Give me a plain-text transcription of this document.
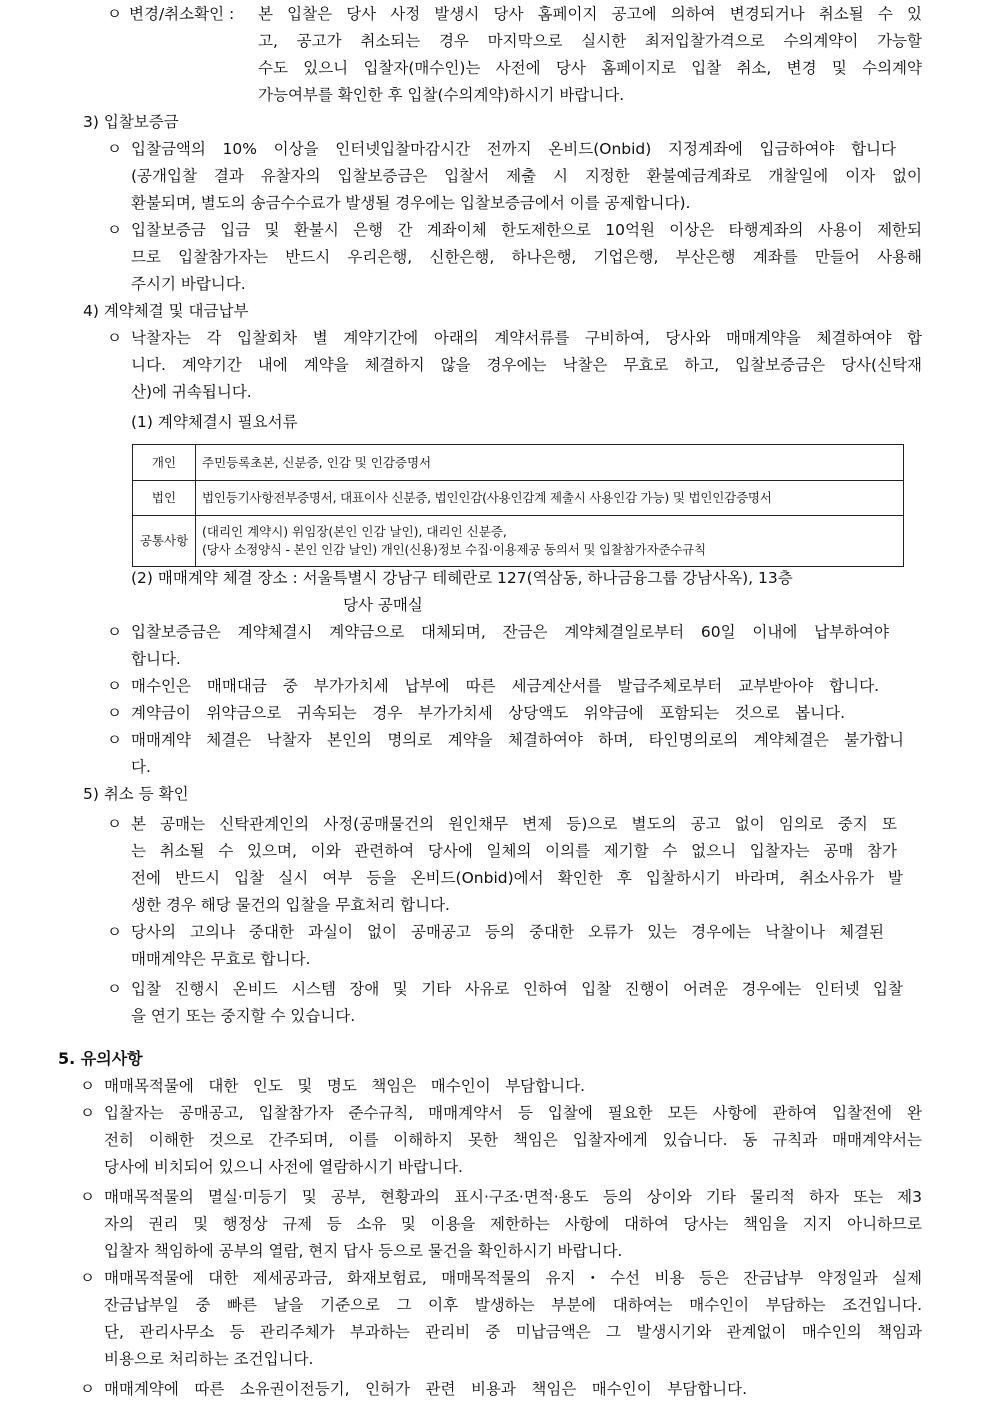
ㅇ 변경/취소확인 : 본 입찰은 당사 사정 발생시 당사 홈페이지 공고에 의하여 변경되거나 취소될 수 있
고, 공고가 취소되는 경우 마지막으로 실시한 최저입찰가격으로 수의계약이 가능할
수도 있으니 입찰자(매수인)는 사전에 당사 홈페이지로 입찰 취소, 변경 및 수의계약
가능여부를 확인한 후 입찰(수의계약)하시기 바랍니다.
3) 입찰보증금
ㅇ 입찰금액의 10% 이상을 인터넷입찰마감시간 전까지 온비드(Onbid) 지정계좌에 입금하여야 합니다
(공개입찰 결과 유찰자의 입찰보증금은 입찰서 제출 시 지정한 환불예금계좌로 개찰일에 이자 없이
환불되며, 별도의 송금수수료가 발생될 경우에는 입찰보증금에서 이를 공제합니다).
ㅇ 입찰보증금 입금 및 환불시 은행 간 계좌이체 한도제한으로 10억원 이상은 타행계좌의 사용이 제한되
므로 입찰참가자는 반드시 우리은행, 신한은행, 하나은행, 기업은행, 부산은행 계좌를 만들어 사용해
주시기 바랍니다.
4) 계약체결 및 대금납부
ㅇ 낙찰자는 각 입찰회차 별 계약기간에 아래의 계약서류를 구비하여, 당사와 매매계약을 체결하여야 합
니다. 계약기간 내에 계약을 체결하지 않을 경우에는 낙찰은 무효로 하고, 입찰보증금은 당사(신탁재
산)에 귀속됩니다.
(1) 계약체결시 필요서류
개인	주민등록초본, 신분증, 인감 및 인감증명서
법인	법인등기사항전부증명서, 대표이사 신분증, 법인인감(사용인감계 제출시 사용인감 가능) 및 법인인감증명서
공통사항	(대리인 계약시) 위임장(본인 인감 날인), 대리인 신분증,
(당사 소정양식 - 본인 인감 날인) 개인(신용)정보 수집·이용제공 동의서 및 입찰참가자준수규칙
(2) 매매계약 체결 장소 : 서울특별시 강남구 테헤란로 127(역삼동, 하나금융그룹 강남사옥), 13층
당사 공매실
ㅇ 입찰보증금은 계약체결시 계약금으로 대체되며, 잔금은 계약체결일로부터 60일 이내에 납부하여야
합니다.
ㅇ 매수인은 매매대금 중 부가가치세 납부에 따른 세금계산서를 발급주체로부터 교부받아야 합니다.
ㅇ 계약금이 위약금으로 귀속되는 경우 부가가치세 상당액도 위약금에 포함되는 것으로 봅니다.
ㅇ 매매계약 체결은 낙찰자 본인의 명의로 계약을 체결하여야 하며, 타인명의로의 계약체결은 불가합니
다.
5) 취소 등 확인
ㅇ 본 공매는 신탁관계인의 사정(공매물건의 원인채무 변제 등)으로 별도의 공고 없이 임의로 중지 또
는 취소될 수 있으며, 이와 관련하여 당사에 일체의 이의를 제기할 수 없으니 입찰자는 공매 참가
전에 반드시 입찰 실시 여부 등을 온비드(Onbid)에서 확인한 후 입찰하시기 바라며, 취소사유가 발
생한 경우 해당 물건의 입찰을 무효처리 합니다.
ㅇ 당사의 고의나 중대한 과실이 없이 공매공고 등의 중대한 오류가 있는 경우에는 낙찰이나 체결된
매매계약은 무효로 합니다.
ㅇ 입찰 진행시 온비드 시스템 장애 및 기타 사유로 인하여 입찰 진행이 어려운 경우에는 인터넷 입찰
을 연기 또는 중지할 수 있습니다.
5. 유의사항
ㅇ 매매목적물에 대한 인도 및 명도 책임은 매수인이 부담합니다.
ㅇ 입찰자는 공매공고, 입찰참가자 준수규칙, 매매계약서 등 입찰에 필요한 모든 사항에 관하여 입찰전에 완
전히 이해한 것으로 간주되며, 이를 이해하지 못한 책임은 입찰자에게 있습니다. 동 규칙과 매매계약서는
당사에 비치되어 있으니 사전에 열람하시기 바랍니다.
ㅇ 매매목적물의 멸실·미등기 및 공부, 현황과의 표시·구조·면적·용도 등의 상이와 기타 물리적 하자 또는 제3
자의 권리 및 행정상 규제 등 소유 및 이용을 제한하는 사항에 대하여 당사는 책임을 지지 아니하므로
입찰자 책임하에 공부의 열람, 현지 답사 등으로 물건을 확인하시기 바랍니다.
ㅇ 매매목적물에 대한 제세공과금, 화재보험료, 매매목적물의 유지・수선 비용 등은 잔금납부 약정일과 실제
잔금납부일 중 빠른 날을 기준으로 그 이후 발생하는 부분에 대하여는 매수인이 부담하는 조건입니다.
단, 관리사무소 등 관리주체가 부과하는 관리비 중 미납금액은 그 발생시기와 관계없이 매수인의 책임과
비용으로 처리하는 조건입니다.
ㅇ 매매계약에 따른 소유권이전등기, 인허가 관련 비용과 책임은 매수인이 부담합니다.
